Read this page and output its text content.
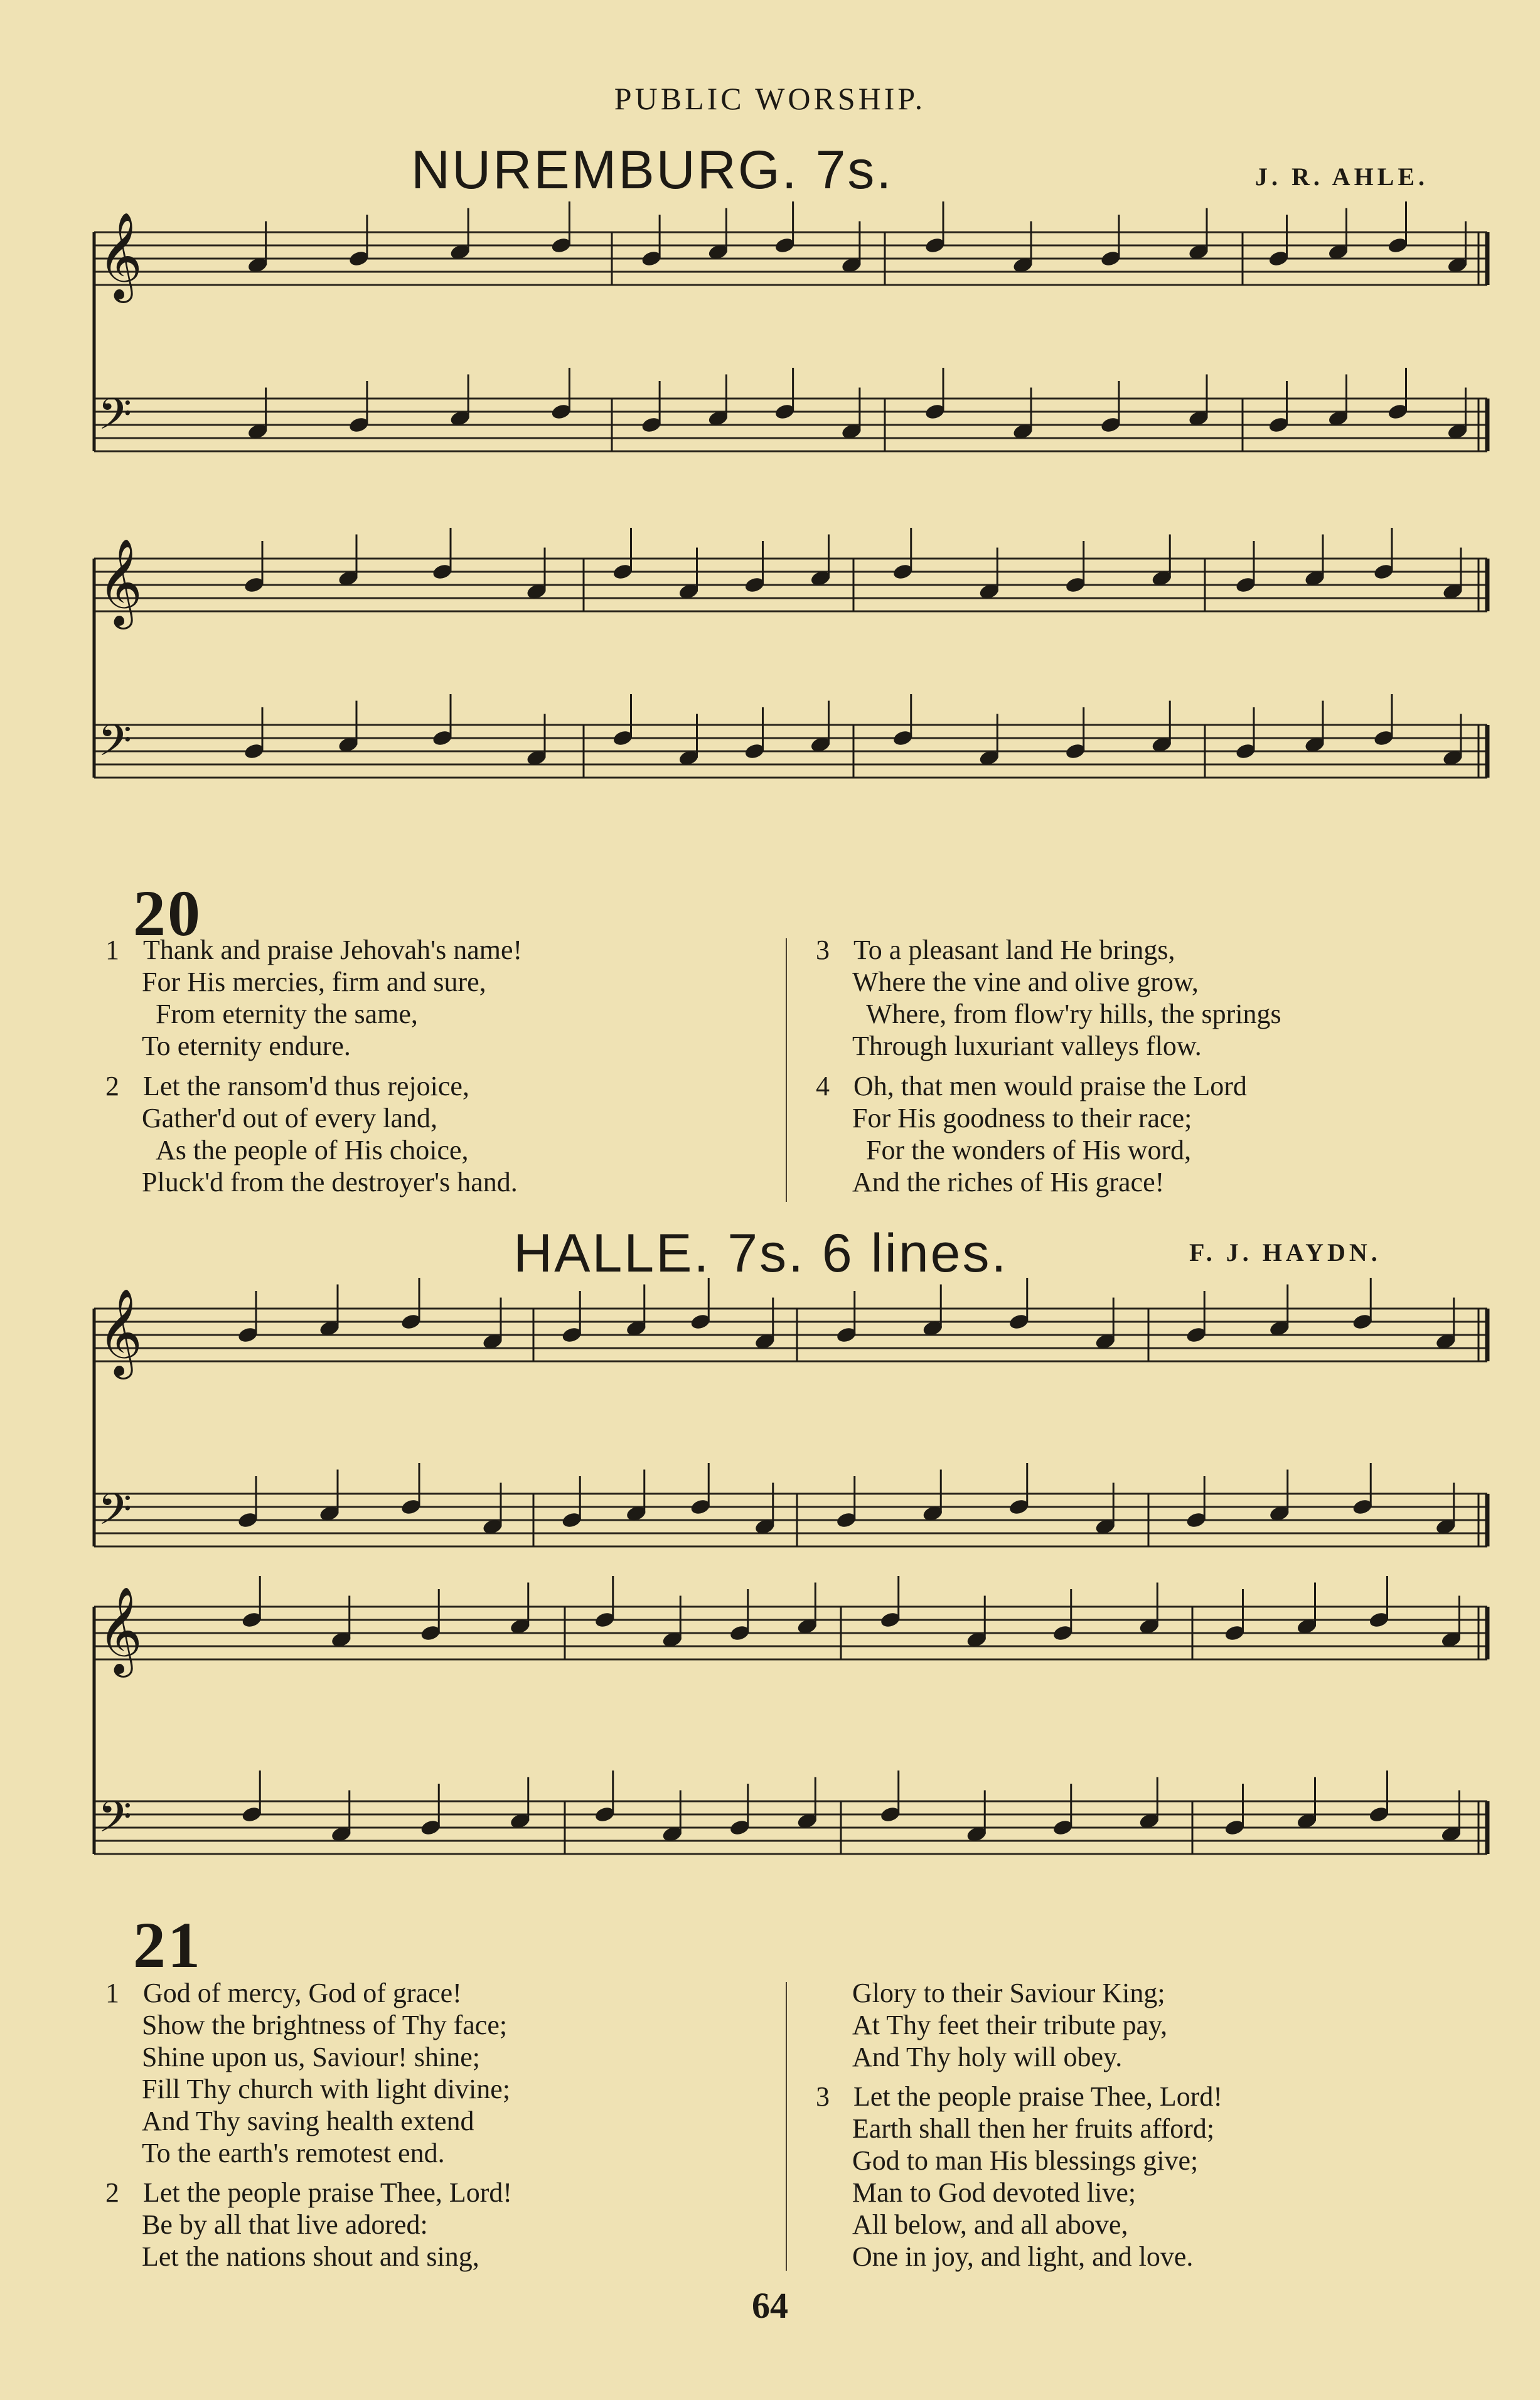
PUBLIC WORSHIP.
NUREMBURG. 7s.	J. R. AHLE.
𝄞
𝄢
𝄞
𝄢
20
1 Thank and praise Jehovah's name!
For His mercies, firm and sure,
From eternity the same,
To eternity endure.
2 Let the ransom'd thus rejoice,
Gather'd out of every land,
As the people of His choice,
Pluck'd from the destroyer's hand.
3 To a pleasant land He brings,
Where the vine and olive grow,
Where, from flow'ry hills, the springs
Through luxuriant valleys flow.
4 Oh, that men would praise the Lord
For His goodness to their race;
For the wonders of His word,
And the riches of His grace!
HALLE. 7s. 6 lines.	F. J. HAYDN.
𝄞
𝄢
𝄞
𝄢
21
1 God of mercy, God of grace!
Show the brightness of Thy face;
Shine upon us, Saviour! shine;
Fill Thy church with light divine;
And Thy saving health extend
To the earth's remotest end.
2 Let the people praise Thee, Lord!
Be by all that live adored:
Let the nations shout and sing,
Glory to their Saviour King;
At Thy feet their tribute pay,
And Thy holy will obey.
3 Let the people praise Thee, Lord!
Earth shall then her fruits afford;
God to man His blessings give;
Man to God devoted live;
All below, and all above,
One in joy, and light, and love.
64
